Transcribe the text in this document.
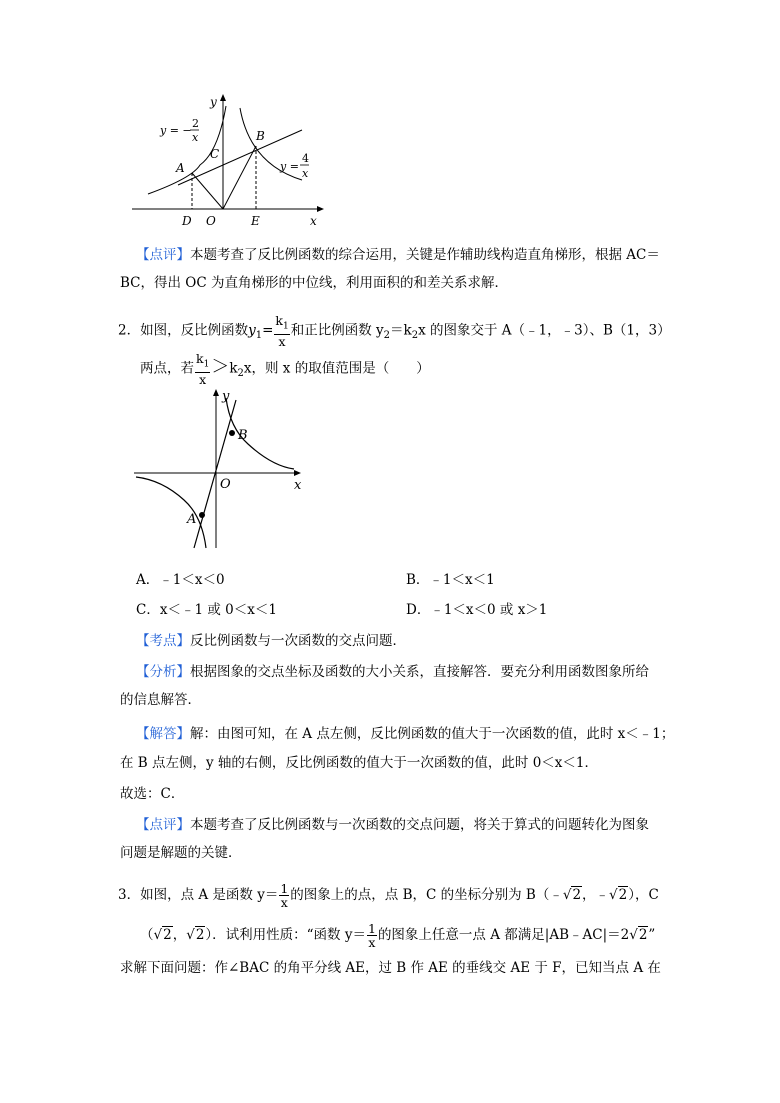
y
x
A
B
C
D O	E
y = −
2
x
y =
4
x
【点评】本题考查了反比例函数的综合运用，关键是作辅助线构造直角梯形，根据 AC＝
BC，得出 OC 为直角梯形的中位线，利用面积的和差关系求解．
2．如图，反比例函数$y_1= \frac{k_1}{x}$ 和正比例函数 $y_2=k_2x$ 的图象交于 A（﹣1，﹣3）、B（1，3）
两点，若 $\frac{k_1}{x} >k_2x$，则 x 的取值范围是（　　）
y
x
O
B
A
A．﹣1＜x＜0	B．﹣1＜x＜1
C．x＜﹣1 或 0＜x＜1	D．﹣1＜x＜0 或 x＞1
【考点】反比例函数与一次函数的交点问题．
【分析】根据图象的交点坐标及函数的大小关系，直接解答．要充分利用函数图象所给
的信息解答．
【解答】解：由图可知，在 A 点左侧，反比例函数的值大于一次函数的值，此时 x＜﹣1；
在 B 点左侧，y 轴的右侧，反比例函数的值大于一次函数的值，此时 0＜x＜1．
故选：C．
【点评】本题考查了反比例函数与一次函数的交点问题，将关于算式的问题转化为图象
问题是解题的关键．
3．如图，点 A 是函数 $y= \frac{1}{x}$ 的图象上的点，点 B，C 的坐标分别为 B（﹣√2，﹣√2），C
（√2，√2）．试利用性质：“函数 $y= \frac{1}{x}$ 的图象上任意一点 A 都满足|AB﹣AC|＝2√2”
求解下面问题：作∠BAC 的角平分线 AE，过 B 作 AE 的垂线交 AE 于 F，已知当点 A 在
